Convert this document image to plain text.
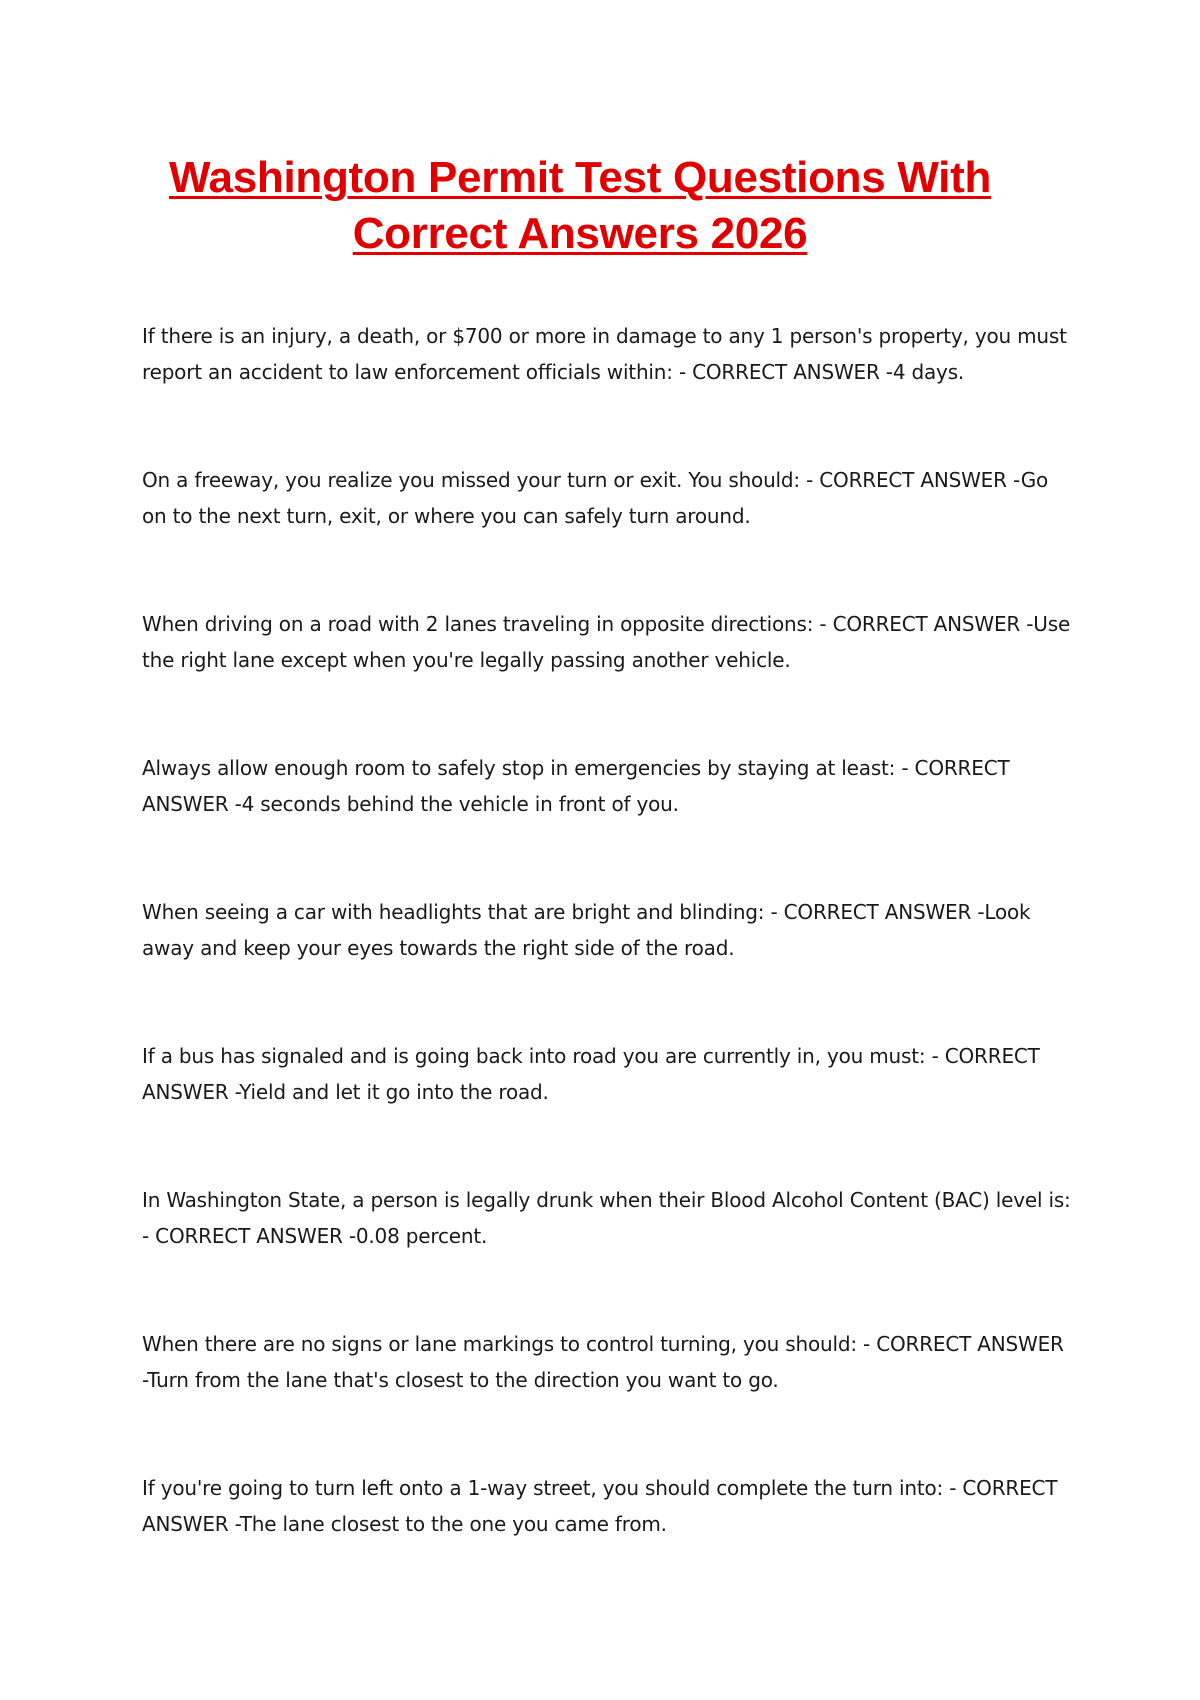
Washington Permit Test Questions With
Correct Answers 2026

If there is an injury, a death, or $700 or more in damage to any 1 person's property, you must report an accident to law enforcement officials within: - CORRECT ANSWER -4 days.

On a freeway, you realize you missed your turn or exit. You should: - CORRECT ANSWER -Go on to the next turn, exit, or where you can safely turn around.

When driving on a road with 2 lanes traveling in opposite directions: - CORRECT ANSWER -Use the right lane except when you're legally passing another vehicle.

Always allow enough room to safely stop in emergencies by staying at least: - CORRECT ANSWER -4 seconds behind the vehicle in front of you.

When seeing a car with headlights that are bright and blinding: - CORRECT ANSWER -Look away and keep your eyes towards the right side of the road.

If a bus has signaled and is going back into road you are currently in, you must: - CORRECT ANSWER -Yield and let it go into the road.

In Washington State, a person is legally drunk when their Blood Alcohol Content (BAC) level is: - CORRECT ANSWER -0.08 percent.

When there are no signs or lane markings to control turning, you should: - CORRECT ANSWER -Turn from the lane that's closest to the direction you want to go.

If you're going to turn left onto a 1-way street, you should complete the turn into: - CORRECT ANSWER -The lane closest to the one you came from.
